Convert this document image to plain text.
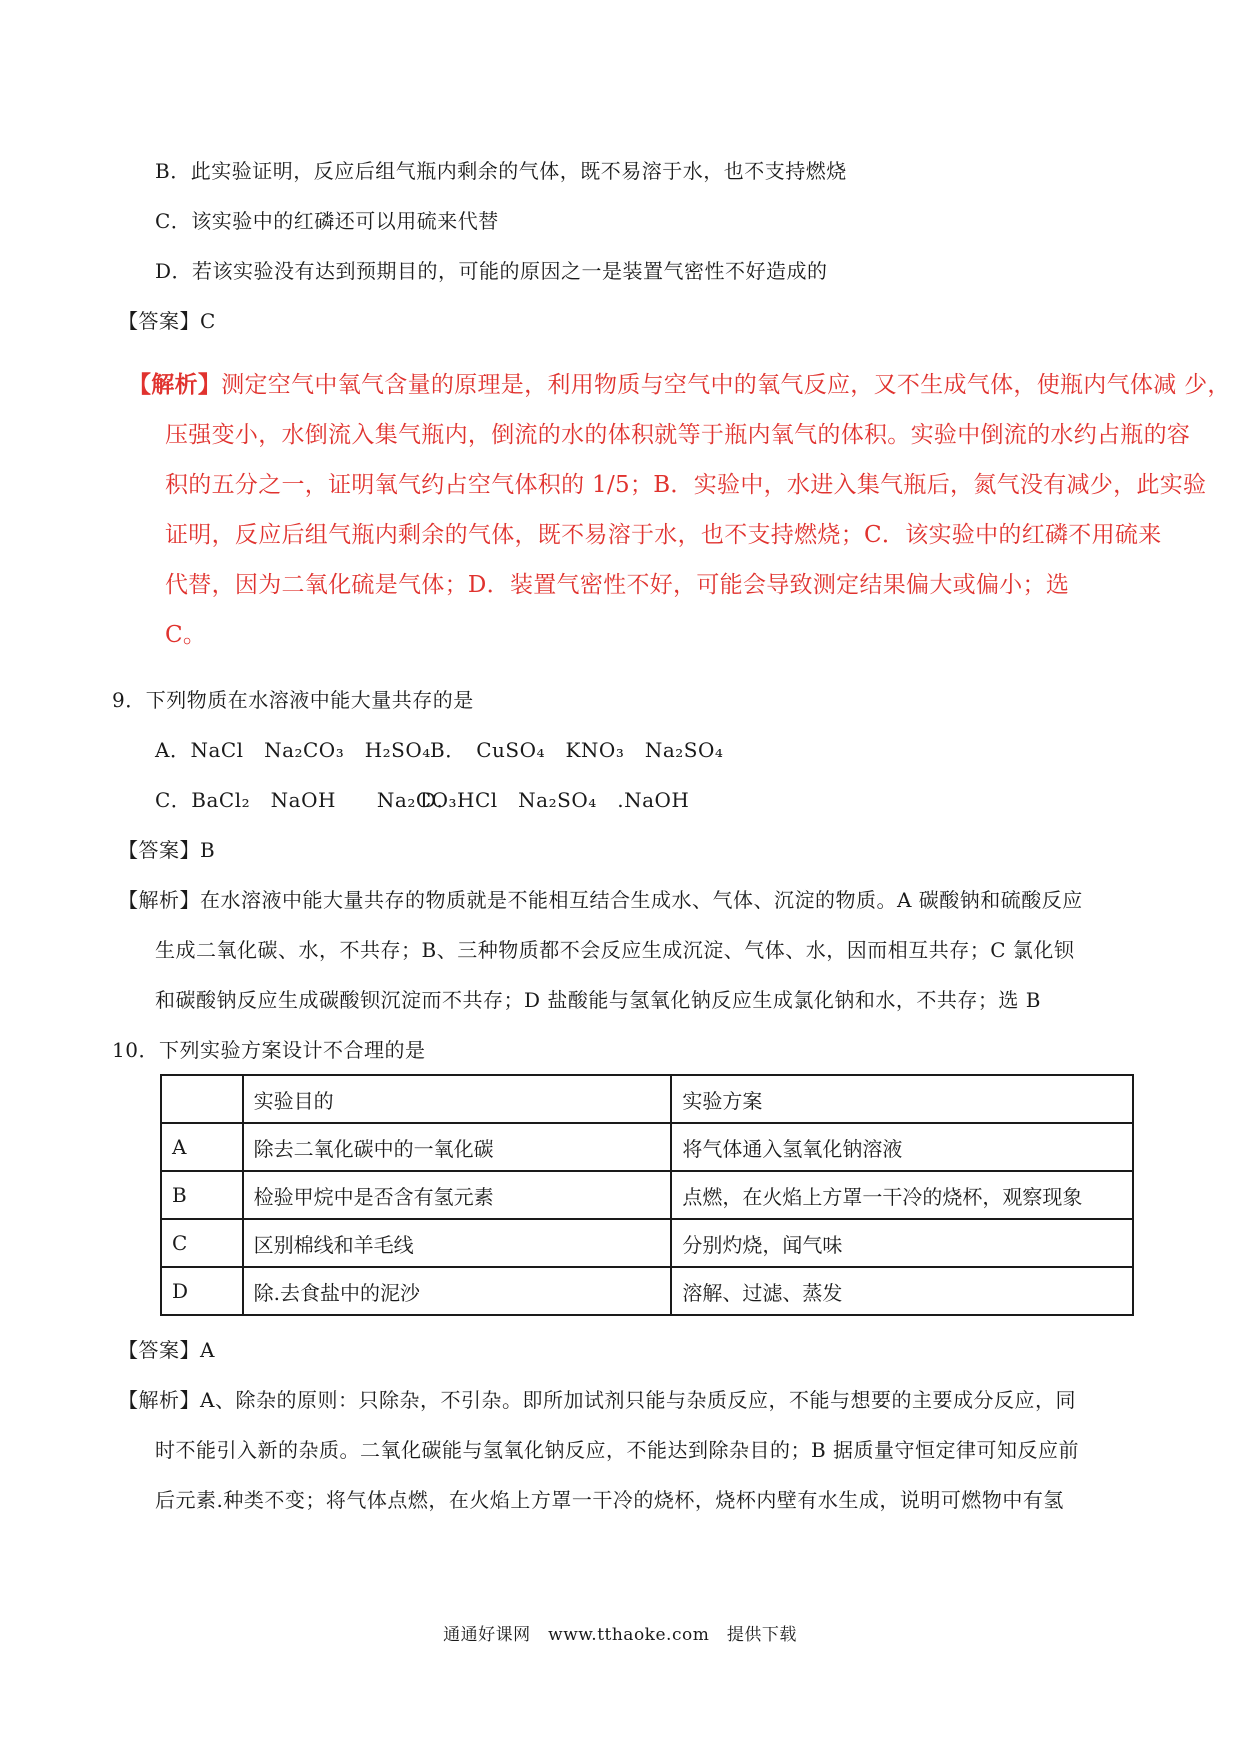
B．此实验证明，反应后组气瓶内剩余的气体，既不易溶于水，也不支持燃烧
C．该实验中的红磷还可以用硫来代替
D．若该实验没有达到预期目的，可能的原因之一是装置气密性不好造成的
【答案】C
【解析】测定空气中氧气含量的原理是，利用物质与空气中的氧气反应，又不生成气体，使瓶内气体减 少，
压强变小，水倒流入集气瓶内，倒流的水的体积就等于瓶内氧气的体积。实验中倒流的水约占瓶的容
积的五分之一，证明氧气约占空气体积的 1/5；B．实验中，水进入集气瓶后，氮气没有减少，此实验
证明，反应后组气瓶内剩余的气体，既不易溶于水，也不支持燃烧；C．该实验中的红磷不用硫来
代替，因为二氧化硫是气体；D．装置气密性不好，可能会导致测定结果偏大或偏小；选
C。
9．下列物质在水溶液中能大量共存的是
A．NaCl　Na₂CO₃　H₂SO₄B．　CuSO₄　KNO₃　Na₂SO₄
C．BaCl₂　NaOH　　Na₂CO₃D．HCl　Na₂SO₄　.NaOH
【答案】B
【解析】在水溶液中能大量共存的物质就是不能相互结合生成水、气体、沉淀的物质。A 碳酸钠和硫酸反应
生成二氧化碳、水，不共存；B、三种物质都不会反应生成沉淀、气体、水，因而相互共存；C 氯化钡
和碳酸钠反应生成碳酸钡沉淀而不共存；D 盐酸能与氢氧化钠反应生成氯化钠和水，不共存；选 B
10．下列实验方案设计不合理的是
	实验目的	实验方案
A	除去二氧化碳中的一氧化碳	将气体通入氢氧化钠溶液
B	检验甲烷中是否含有氢元素	点燃，在火焰上方罩一干冷的烧杯，观察现象
C	区别棉线和羊毛线	分别灼烧，闻气味
D	除.去食盐中的泥沙	溶解、过滤、蒸发
【答案】A
【解析】A、除杂的原则：只除杂，不引杂。即所加试剂只能与杂质反应，不能与想要的主要成分反应，同
时不能引入新的杂质。二氧化碳能与氢氧化钠反应，不能达到除杂目的；B 据质量守恒定律可知反应前
后元素.种类不变；将气体点燃，在火焰上方罩一干冷的烧杯，烧杯内壁有水生成，说明可燃物中有氢
通通好课网　www.tthaoke.com　提供下载
